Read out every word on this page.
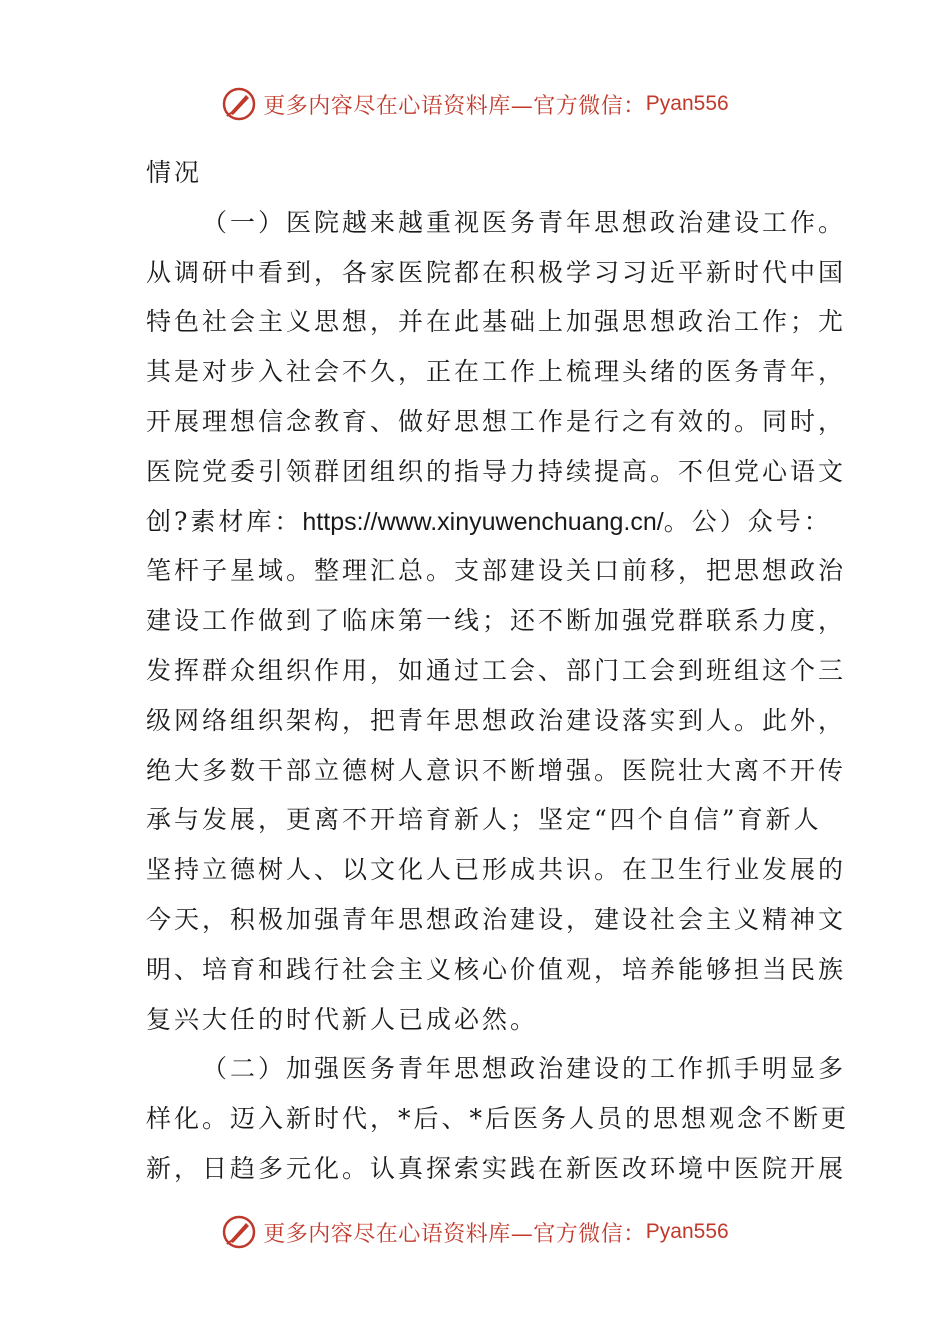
更多内容尽在心语资料库—官方微信： Pyan556
情况
（一）医院越来越重视医务青年思想政治建设工作。
从调研中看到，各家医院都在积极学习习近平新时代中国
特色社会主义思想，并在此基础上加强思想政治工作；尤
其是对步入社会不久，正在工作上梳理头绪的医务青年，
开展理想信念教育、做好思想工作是行之有效的。同时，
医院党委引领群团组织的指导力持续提高。不但党心语文
创?素材库：https://www.xinyuwenchuang.cn/。公）众号：
笔杆子星域。整理汇总。支部建设关口前移，把思想政治
建设工作做到了临床第一线；还不断加强党群联系力度，
发挥群众组织作用，如通过工会、部门工会到班组这个三
级网络组织架构，把青年思想政治建设落实到人。此外，
绝大多数干部立德树人意识不断增强。医院壮大离不开传
承与发展，更离不开培育新人；坚定“四个自信”育新人
坚持立德树人、以文化人已形成共识。在卫生行业发展的
今天，积极加强青年思想政治建设，建设社会主义精神文
明、培育和践行社会主义核心价值观，培养能够担当民族
复兴大任的时代新人已成必然。
（二）加强医务青年思想政治建设的工作抓手明显多
样化。迈入新时代，*后、*后医务人员的思想观念不断更
新，日趋多元化。认真探索实践在新医改环境中医院开展
更多内容尽在心语资料库—官方微信： Pyan556
